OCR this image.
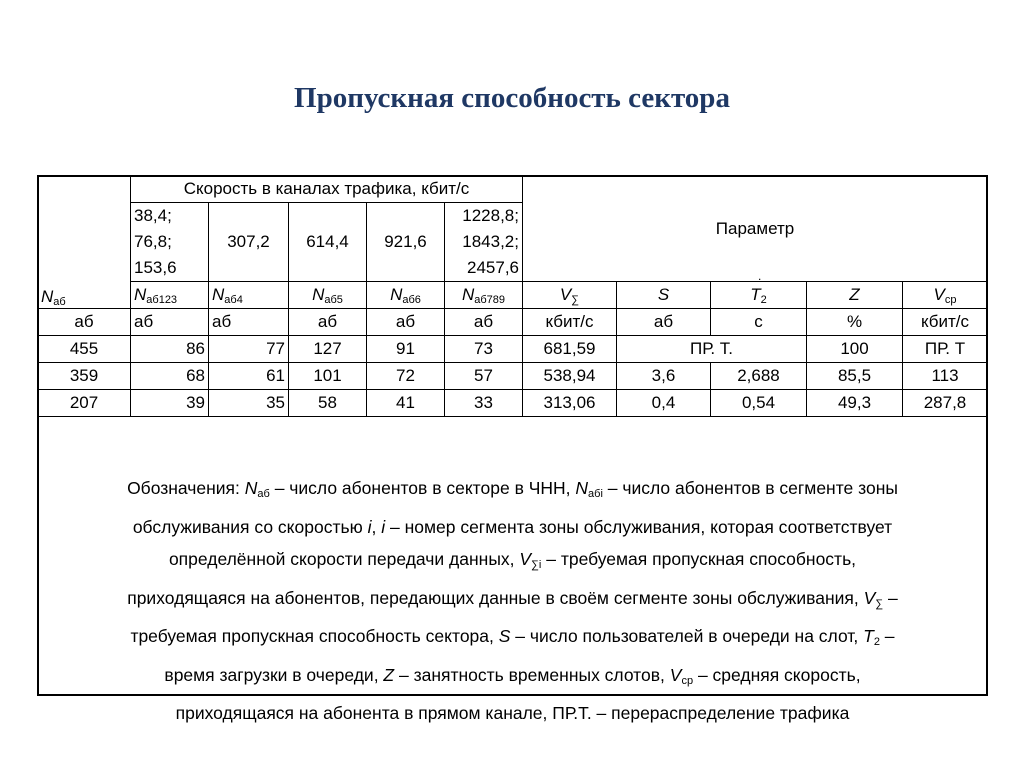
Пропускная способность сектора
$N_{аб}$	Скорость в каналах трафика, кбит/с					Параметр
.				

	38,4;
76,8;
153,6	307,2	614,4	921,6	1228,8;
1843,2;
2457,6					

	$N_{аб123}$	$N_{аб4}$	$N_{аб5}$	$N_{аб6}$	$N_{аб789}$	$V_\sum$	S	$T_2$	Z	$V_{ср}$
аб	аб	аб	аб	аб	аб	кбит/с	аб	с	%	кбит/с
455	86	77	127	91	73	681,59	ПР. Т.		100	ПР. Т
359	68	61	101	72	57	538,94	3,6	2,688	85,5	113
207	39	35	58	41	33	313,06	0,4	0,54	49,3	287,8
Обозначения: $N_{аб}$ – число абонентов в секторе в ЧНН, $N_{абi}$ – число абонентов в сегменте зоны
обслуживания со скоростью i, i – номер сегмента зоны обслуживания, которая соответствует
определённой скорости передачи данных, $V_{\sum i}$ – требуемая пропускная способность,
приходящаяся на абонентов, передающих данные в своём сегменте зоны обслуживания, $V_\sum$ –
требуемая пропускная способность сектора, S – число пользователей в очереди на слот, $T_2$ –
время загрузки в очереди, Z – занятность временных слотов, $V_{ср}$ – средняя скорость,
приходящаяся на абонента в прямом канале, ПР.Т. – перераспределение трафика
